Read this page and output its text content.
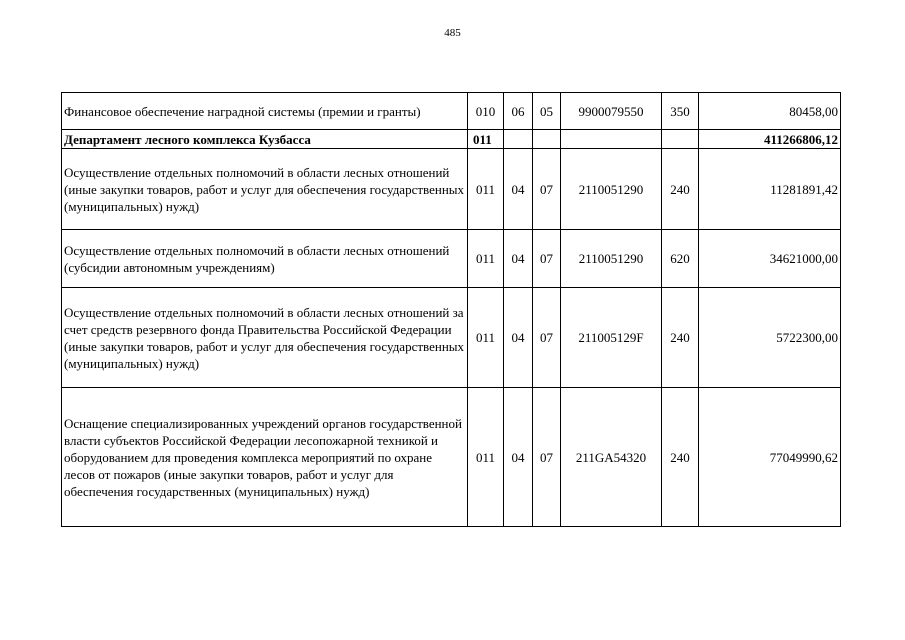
485
Финансовое обеспечение наградной системы (премии и гранты)	010	06	05	9900079550	350	80458,00
Департамент лесного комплекса Кузбасса	011					411266806,12
Осуществление отдельных полномочий в области лесных отношений (иные закупки товаров, работ и услуг для обеспечения государственных (муниципальных) нужд)	011	04	07	2110051290	240	11281891,42
Осуществление отдельных полномочий в области лесных отношений (субсидии автономным учреждениям)	011	04	07	2110051290	620	34621000,00
Осуществление отдельных полномочий в области лесных отношений за счет средств резервного фонда Правительства Российской Федерации (иные закупки товаров, работ и услуг для обеспечения государственных (муниципальных) нужд)	011	04	07	211005129F	240	5722300,00
Оснащение специализированных учреждений органов государственной власти субъектов Российской Федерации лесопожарной техникой и оборудованием для проведения комплекса мероприятий по охране лесов от пожаров (иные закупки товаров, работ и услуг для обеспечения государственных (муниципальных) нужд)	011	04	07	211GA54320	240	77049990,62
